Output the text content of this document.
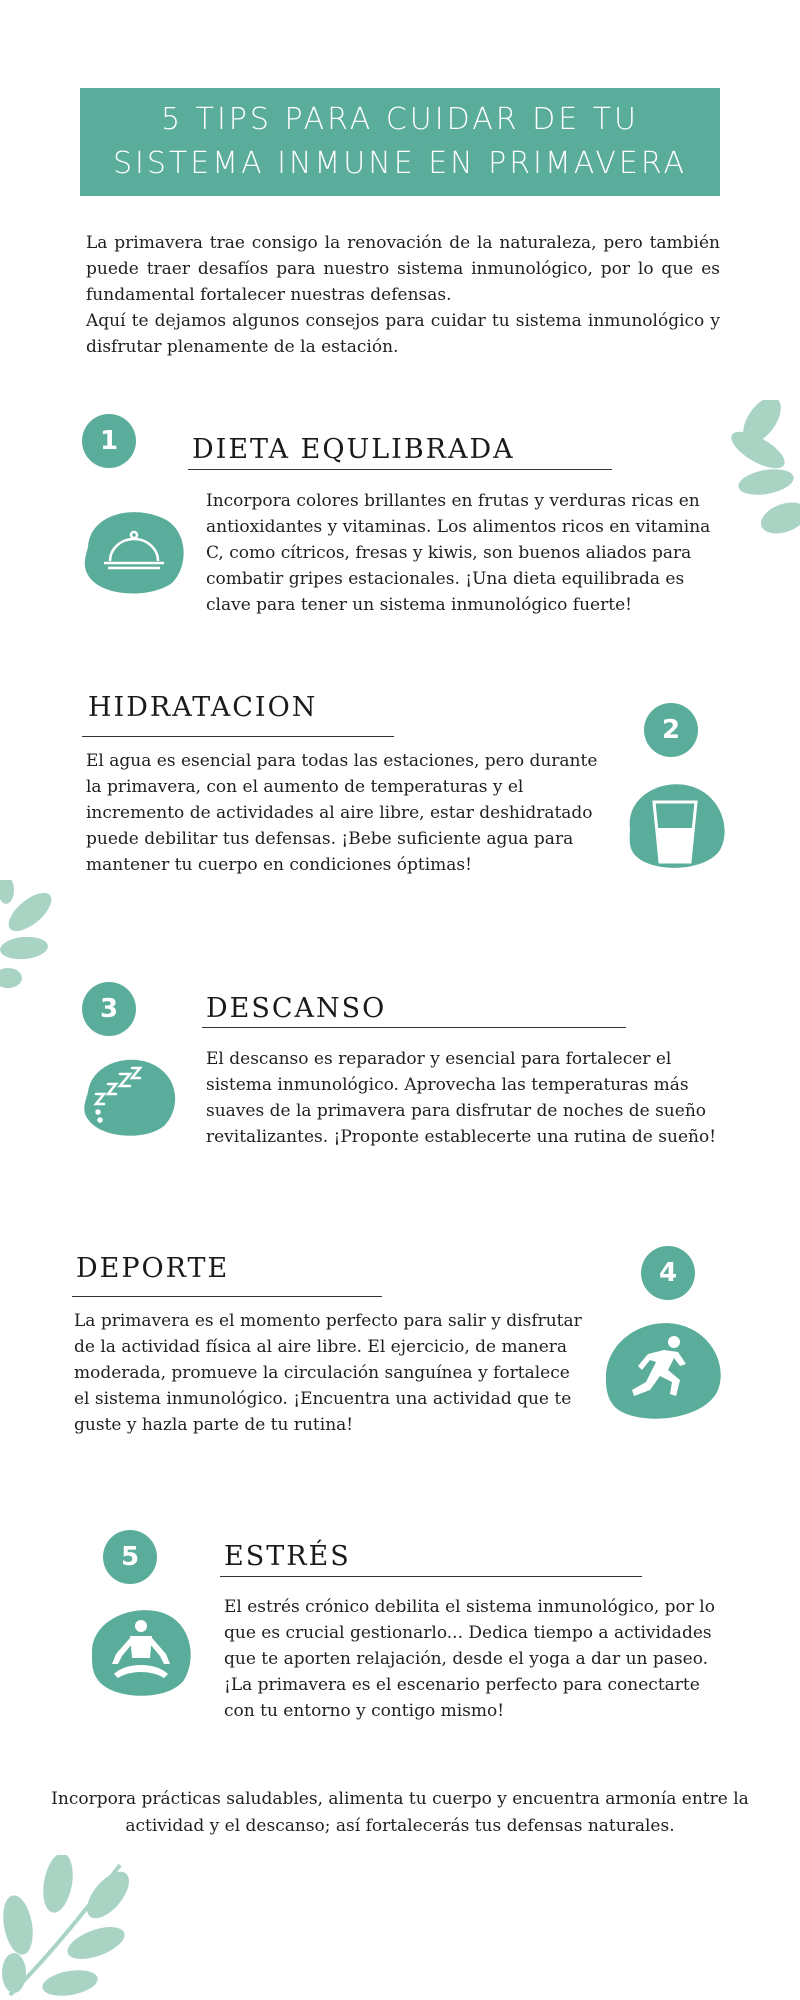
5 TIPS PARA CUIDAR DE TU
SISTEMA INMUNE EN PRIMAVERA

La primavera trae consigo la renovación de la naturaleza, pero también puede traer desafíos para nuestro sistema inmunológico, por lo que es fundamental fortalecer nuestras defensas.

Aquí te dejamos algunos consejos para cuidar tu sistema inmunológico y disfrutar plenamente de la estación.

1	DIETA EQULIBRADA
Incorpora colores brillantes en frutas y verduras ricas en antioxidantes y vitaminas. Los alimentos ricos en vitamina C, como cítricos, fresas y kiwis, son buenos aliados para combatir gripes estacionales. ¡Una dieta equilibrada es clave para tener un sistema inmunológico fuerte!
HIDRATACION
2
El agua es esencial para todas las estaciones, pero durante la primavera, con el aumento de temperaturas y el incremento de actividades al aire libre, estar deshidratado puede debilitar tus defensas. ¡Bebe suficiente agua para mantener tu cuerpo en condiciones óptimas!
3	DESCANSO
El descanso es reparador y esencial para fortalecer el sistema inmunológico. Aprovecha las temperaturas más suaves de la primavera para disfrutar de noches de sueño revitalizantes. ¡Proponte establecerte una rutina de sueño!
DEPORTE	4
La primavera es el momento perfecto para salir y disfrutar de la actividad física al aire libre. El ejercicio, de manera moderada, promueve la circulación sanguínea y fortalece el sistema inmunológico. ¡Encuentra una actividad que te guste y hazla parte de tu rutina!
5	ESTRÉS
El estrés crónico debilita el sistema inmunológico, por lo que es crucial gestionarlo... Dedica tiempo a actividades que te aporten relajación, desde el yoga a dar un paseo. ¡La primavera es el escenario perfecto para conectarte con tu entorno y contigo mismo!
Incorpora prácticas saludables, alimenta tu cuerpo y encuentra armonía entre la actividad y el descanso; así fortalecerás tus defensas naturales.
